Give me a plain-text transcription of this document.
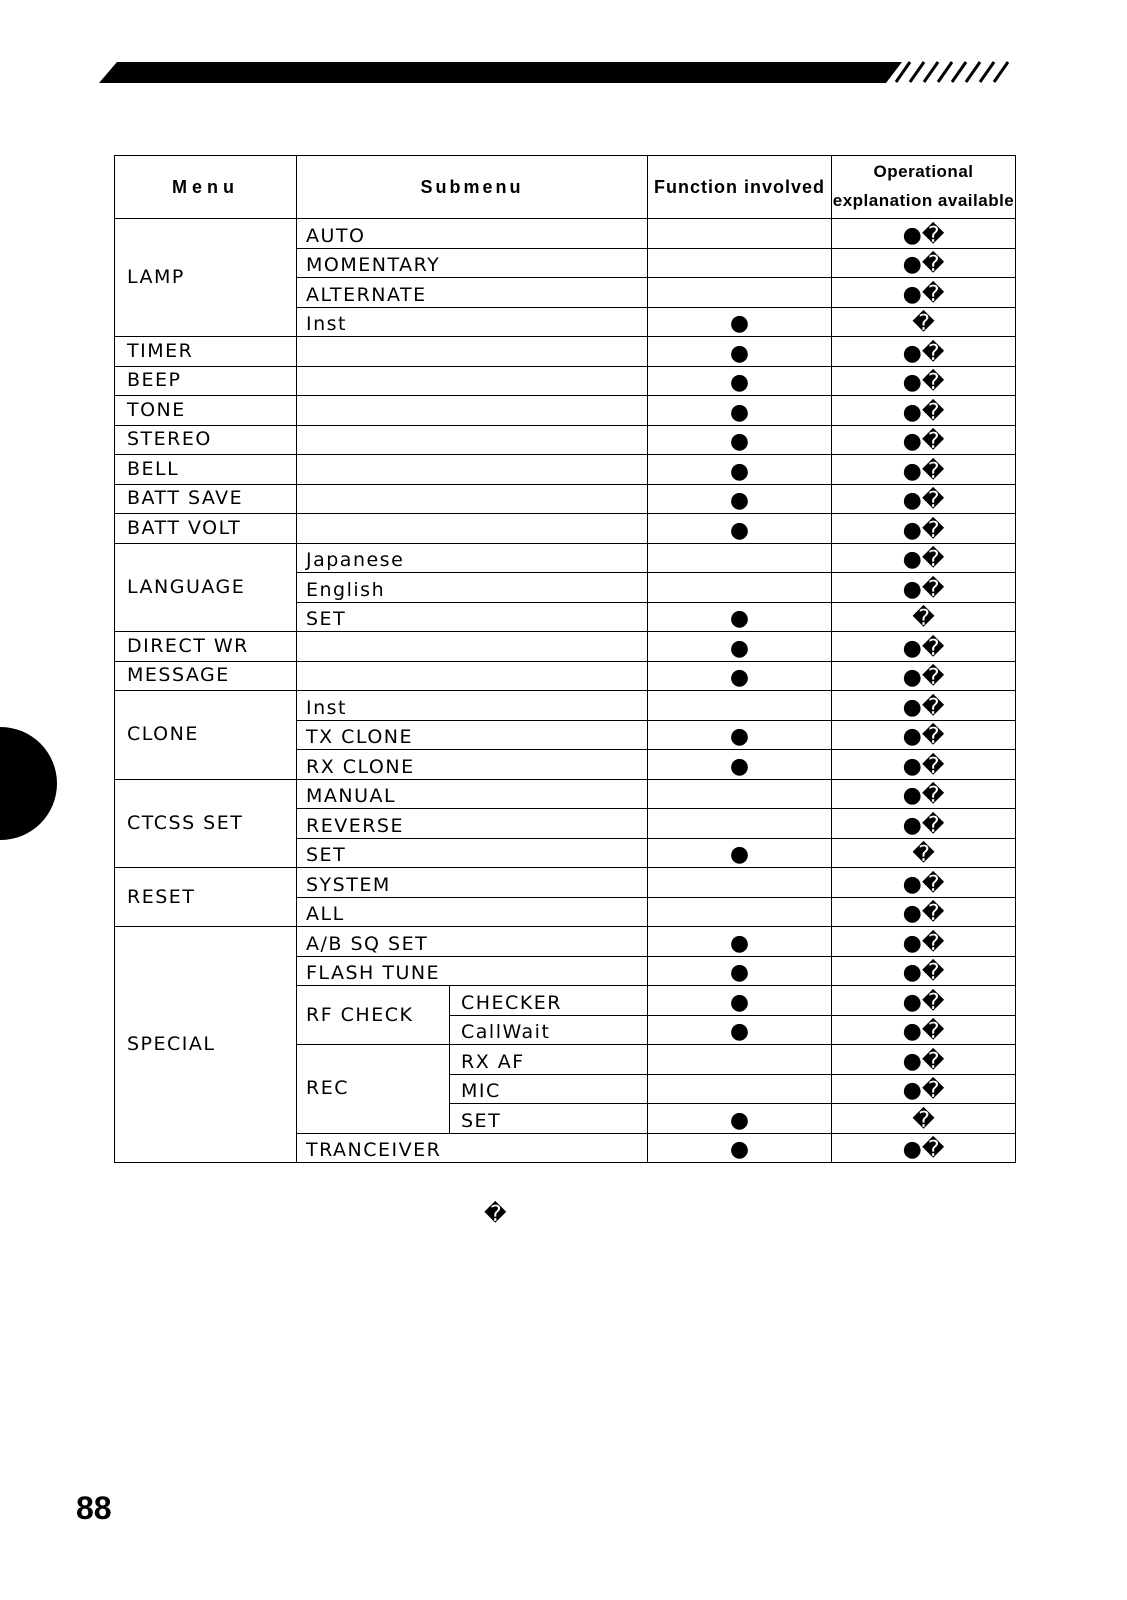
Menu	Submenu		Function involved	Operational
explanation available
LAMP	AUTO			●�
	MOMENTARY			●�
	ALTERNATE			●�
	Inst		●	�
TIMER			●	●�
BEEP			●	●�
TONE			●	●�
STEREO			●	●�
BELL			●	●�
BATT SAVE			●	●�
BATT VOLT			●	●�
LANGUAGE	Japanese			●�
	English			●�
	SET		●	�
DIRECT WR			●	●�
MESSAGE			●	●�
CLONE	Inst			●�
	TX CLONE		●	●�
	RX CLONE		●	●�
CTCSS SET	MANUAL			●�
	REVERSE			●�
	SET		●	�
RESET	SYSTEM			●�
	ALL			●�
SPECIAL	A/B SQ SET		●	●�
	FLASH TUNE		●	●�
	RF CHECK	CHECKER	●	●�
		CallWait	●	●�
	REC	RX AF		●�
		MIC		●�
		SET	●	�
	TRANCEIVER		●	●�
�
88
